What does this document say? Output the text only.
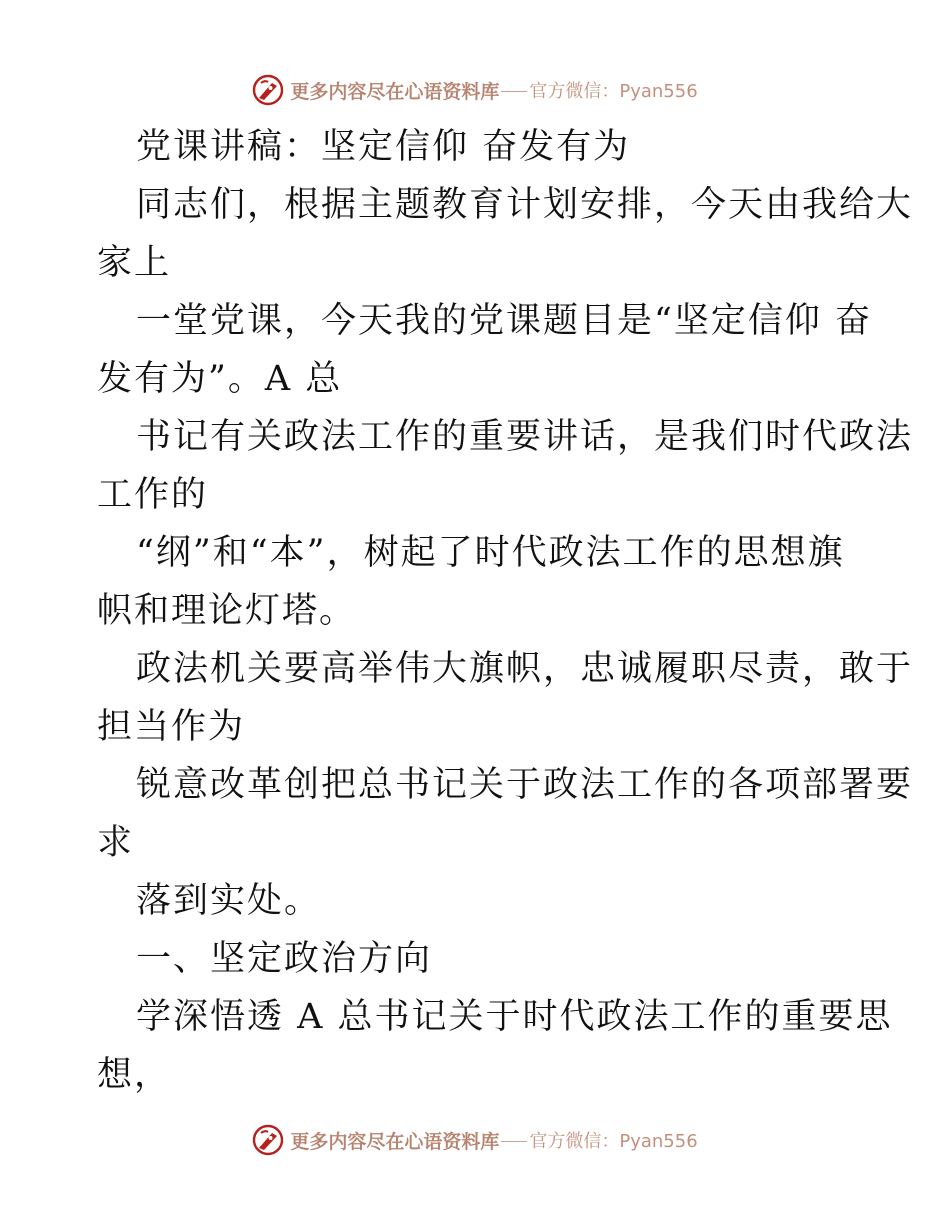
更多内容尽在心语资料库 官方微信：Pyan556
党课讲稿：坚定信仰 奋发有为
同志们，根据主题教育计划安排，今天由我给大
家上
一堂党课，今天我的党课题目是“坚定信仰 奋
发有为”。A 总
书记有关政法工作的重要讲话，是我们时代政法
工作的
“纲”和“本”，树起了时代政法工作的思想旗
帜和理论灯塔。
政法机关要高举伟大旗帜，忠诚履职尽责，敢于
担当作为
锐意改革创把总书记关于政法工作的各项部署要
求
落到实处。
一、坚定政治方向
学深悟透 A 总书记关于时代政法工作的重要思
想，
更多内容尽在心语资料库 官方微信：Pyan556
